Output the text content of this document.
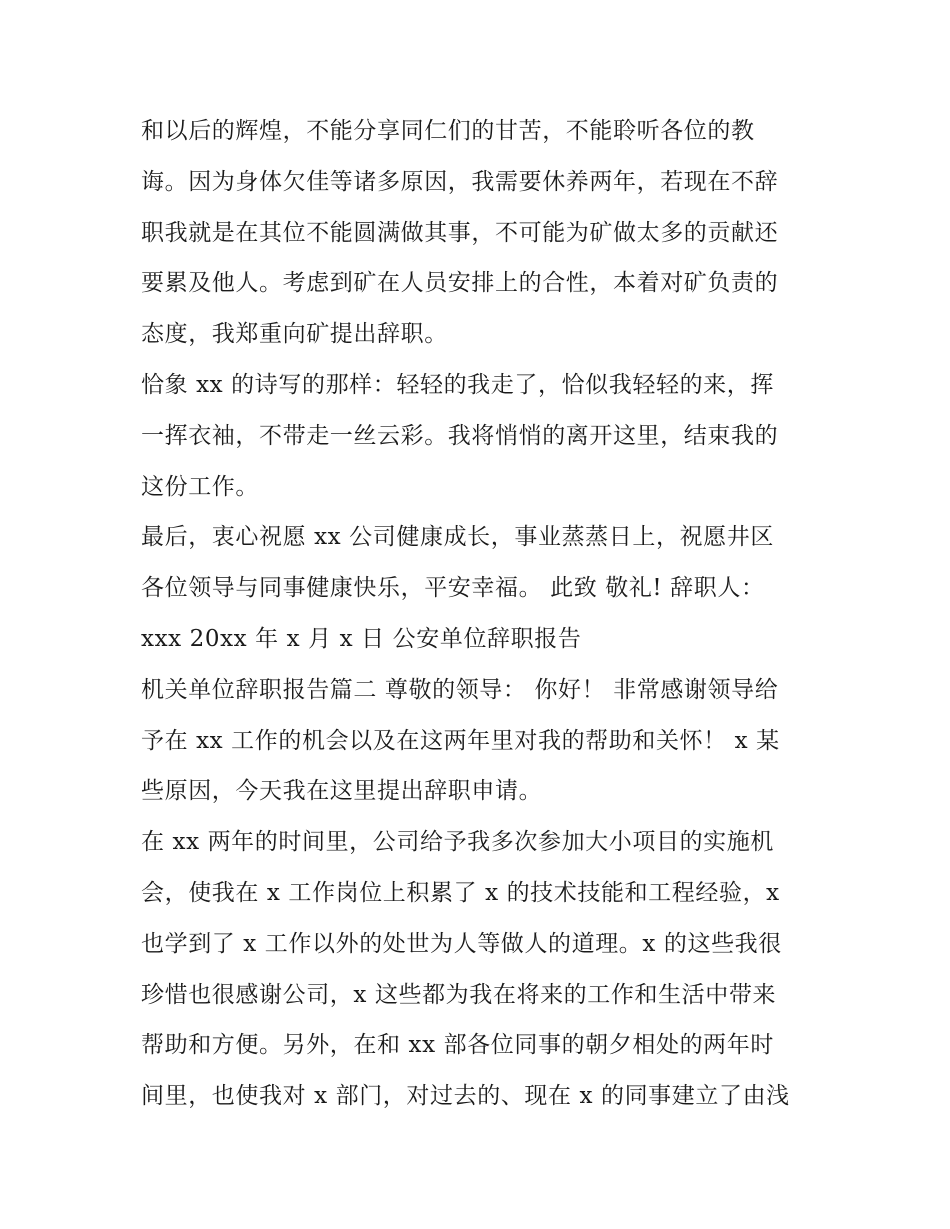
和以后的辉煌，不能分享同仁们的甘苦，不能聆听各位的教
诲。因为身体欠佳等诸多原因，我需要休养两年，若现在不辞
职我就是在其位不能圆满做其事，不可能为矿做太多的贡献还
要累及他人。考虑到矿在人员安排上的合性，本着对矿负责的
态度，我郑重向矿提出辞职。
恰象 xx 的诗写的那样：轻轻的我走了，恰似我轻轻的来，挥
一挥衣袖，不带走一丝云彩。我将悄悄的离开这里，结束我的
这份工作。
最后，衷心祝愿 xx 公司健康成长，事业蒸蒸日上，祝愿井区
各位领导与同事健康快乐，平安幸福。 此致 敬礼! 辞职人：
xxx 20xx 年 x 月 x 日 公安单位辞职报告
机关单位辞职报告篇二 尊敬的领导： 你好！ 非常感谢领导给
予在 xx 工作的机会以及在这两年里对我的帮助和关怀！ x 某
些原因，今天我在这里提出辞职申请。
在 xx 两年的时间里，公司给予我多次参加大小项目的实施机
会，使我在 x 工作岗位上积累了 x 的技术技能和工程经验，x
也学到了 x 工作以外的处世为人等做人的道理。x 的这些我很
珍惜也很感谢公司，x 这些都为我在将来的工作和生活中带来
帮助和方便。另外，在和 xx 部各位同事的朝夕相处的两年时
间里，也使我对 x 部门，对过去的、现在 x 的同事建立了由浅
